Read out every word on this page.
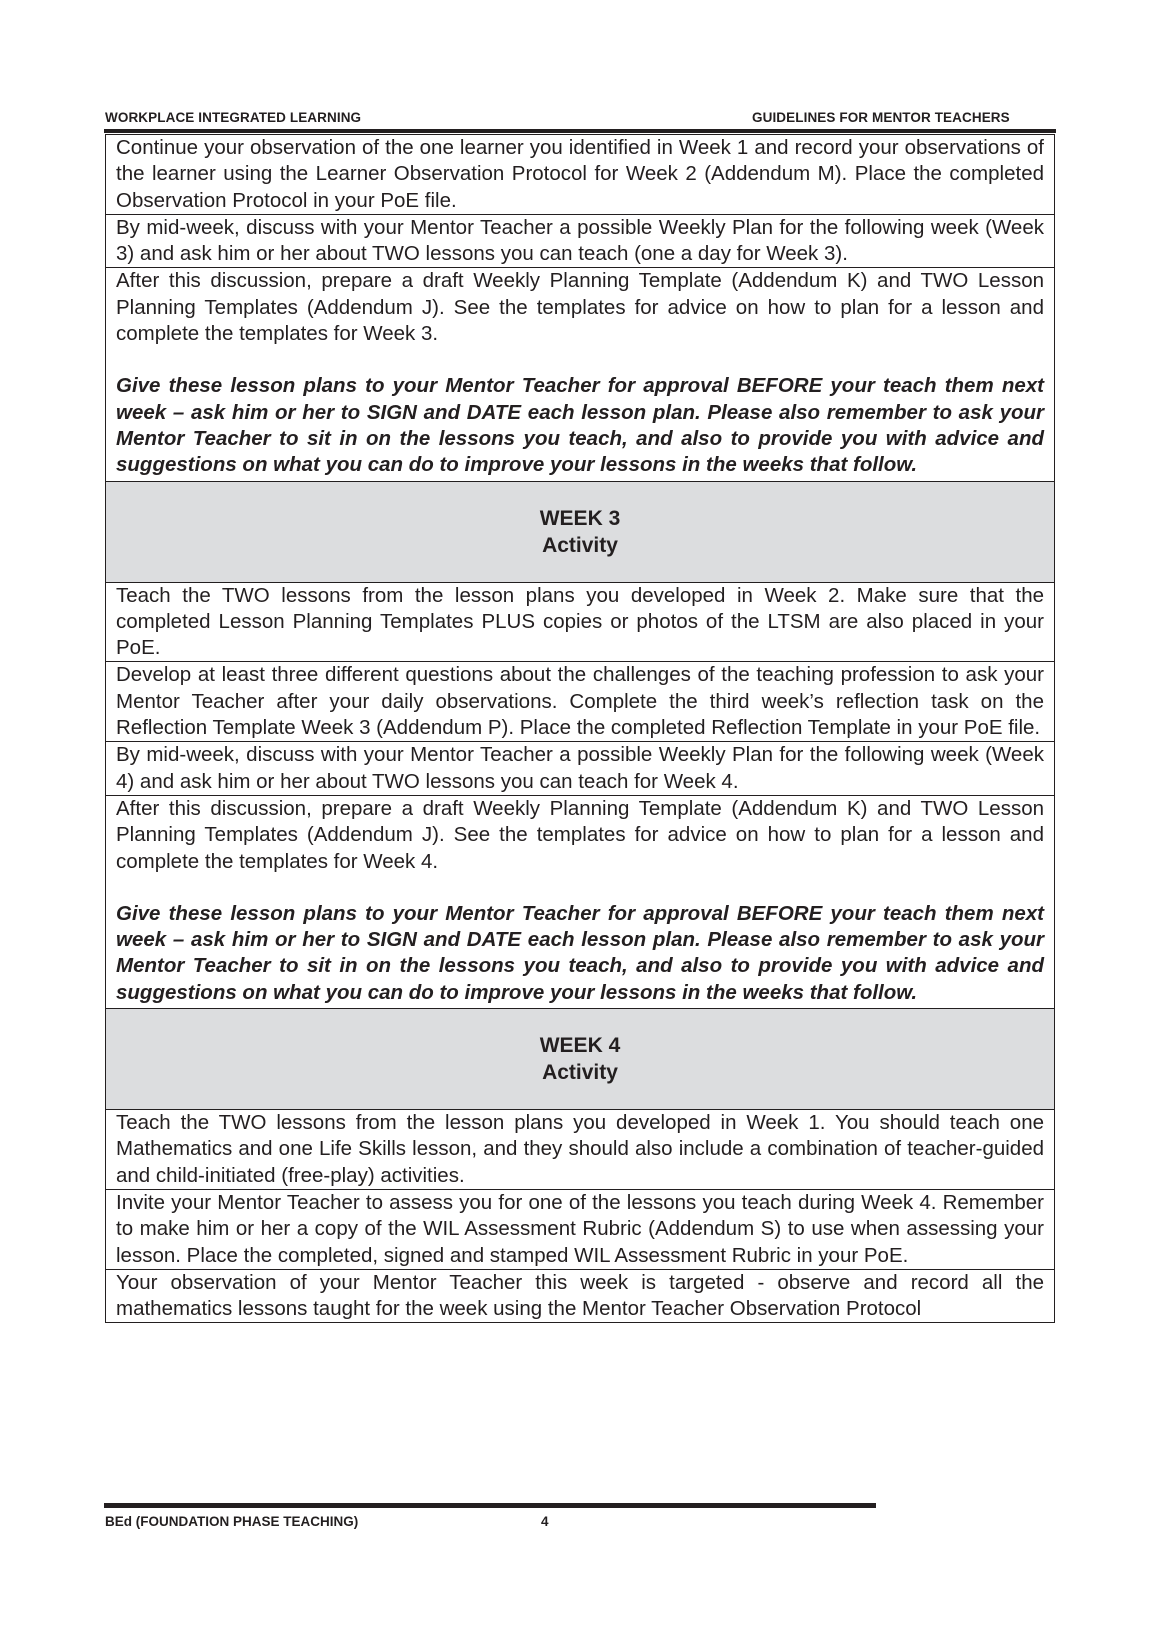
WORKPLACE INTEGRATED LEARNING	GUIDELINES FOR MENTOR TEACHERS
Continue your observation of the one learner you identified in Week 1 and record your observations of the learner using the Learner Observation Protocol for Week 2 (Addendum M). Place the completed Observation Protocol in your PoE file.
By mid-week, discuss with your Mentor Teacher a possible Weekly Plan for the following week (Week 3) and ask him or her about TWO lessons you can teach (one a day for Week 3).
After this discussion, prepare a draft Weekly Planning Template (Addendum K) and TWO Lesson Planning Templates (Addendum J). See the templates for advice on how to plan for a lesson and complete the templates for Week 3.
Give these lesson plans to your Mentor Teacher for approval BEFORE your teach them next week – ask him or her to SIGN and DATE each lesson plan. Please also remember to ask your Mentor Teacher to sit in on the lessons you teach, and also to provide you with advice and suggestions on what you can do to improve your lessons in the weeks that follow.

WEEK 3
Activity

Teach the TWO lessons from the lesson plans you developed in Week 2. Make sure that the completed Lesson Planning Templates PLUS copies or photos of the LTSM are also placed in your PoE.
Develop at least three different questions about the challenges of the teaching profession to ask your Mentor Teacher after your daily observations. Complete the third week’s reflection task on the Reflection Template Week 3 (Addendum P). Place the completed Reflection Template in your PoE file.
By mid-week, discuss with your Mentor Teacher a possible Weekly Plan for the following week (Week 4) and ask him or her about TWO lessons you can teach for Week 4.
After this discussion, prepare a draft Weekly Planning Template (Addendum K) and TWO Lesson Planning Templates (Addendum J). See the templates for advice on how to plan for a lesson and complete the templates for Week 4.
Give these lesson plans to your Mentor Teacher for approval BEFORE your teach them next week – ask him or her to SIGN and DATE each lesson plan. Please also remember to ask your Mentor Teacher to sit in on the lessons you teach, and also to provide you with advice and suggestions on what you can do to improve your lessons in the weeks that follow.

WEEK 4
Activity

Teach the TWO lessons from the lesson plans you developed in Week 1. You should teach one Mathematics and one Life Skills lesson, and they should also include a combination of teacher-guided and child-initiated (free-play) activities.
Invite your Mentor Teacher to assess you for one of the lessons you teach during Week 4. Remember to make him or her a copy of the WIL Assessment Rubric (Addendum S) to use when assessing your lesson. Place the completed, signed and stamped WIL Assessment Rubric in your PoE.
Your observation of your Mentor Teacher this week is targeted - observe and record all the mathematics lessons taught for the week using the Mentor Teacher Observation Protocol
BEd (FOUNDATION PHASE TEACHING)	4
